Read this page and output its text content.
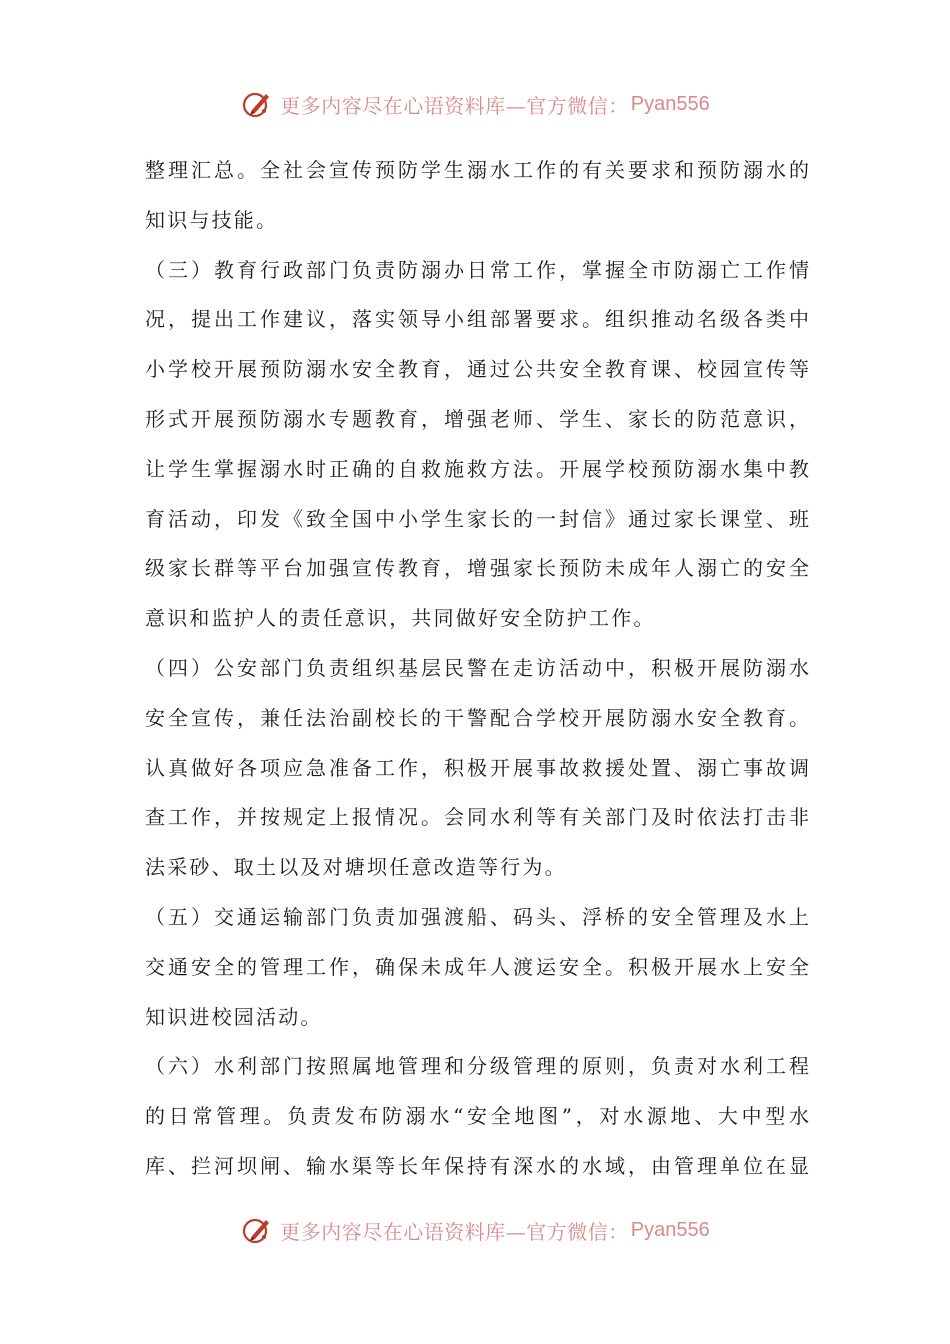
更多内容尽在心语资料库—官方微信： Pyan556
整理汇总。全社会宣传预防学生溺水工作的有关要求和预防溺水的
知识与技能。
（三）教育行政部门负责防溺办日常工作，掌握全市防溺亡工作情
况，提出工作建议，落实领导小组部署要求。组织推动名级各类中
小学校开展预防溺水安全教育，通过公共安全教育课、校园宣传等
形式开展预防溺水专题教育，增强老师、学生、家长的防范意识，
让学生掌握溺水时正确的自救施救方法。开展学校预防溺水集中教
育活动，印发《致全国中小学生家长的一封信》通过家长课堂、班
级家长群等平台加强宣传教育，增强家长预防未成年人溺亡的安全
意识和监护人的责任意识，共同做好安全防护工作。
（四）公安部门负责组织基层民警在走访活动中，积极开展防溺水
安全宣传，兼任法治副校长的干警配合学校开展防溺水安全教育。
认真做好各项应急准备工作，积极开展事故救援处置、溺亡事故调
查工作，并按规定上报情况。会同水利等有关部门及时依法打击非
法采砂、取土以及对塘坝任意改造等行为。
（五）交通运输部门负责加强渡船、码头、浮桥的安全管理及水上
交通安全的管理工作，确保未成年人渡运安全。积极开展水上安全
知识进校园活动。
（六）水利部门按照属地管理和分级管理的原则，负责对水利工程
的日常管理。负责发布防溺水“安全地图”，对水源地、大中型水
库、拦河坝闸、输水渠等长年保持有深水的水域，由管理单位在显
更多内容尽在心语资料库—官方微信： Pyan556
